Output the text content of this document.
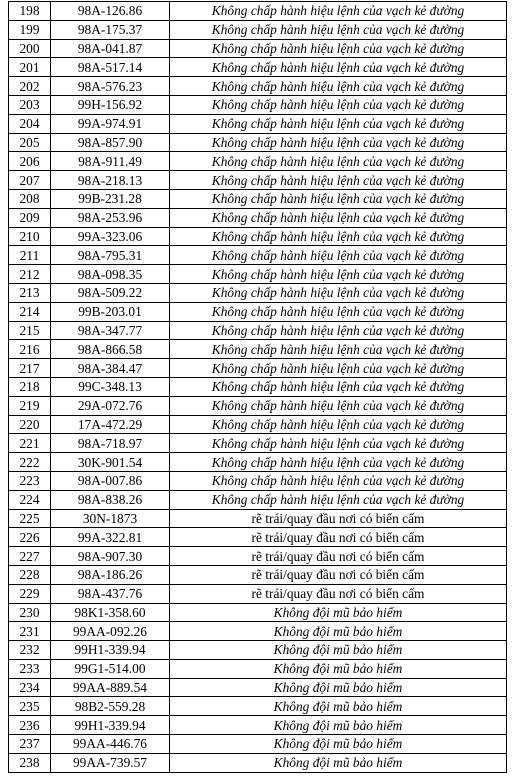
198	98A-126.86	Không chấp hành hiệu lệnh của vạch kẻ đường
199	98A-175.37	Không chấp hành hiệu lệnh của vạch kẻ đường
200	98A-041.87	Không chấp hành hiệu lệnh của vạch kẻ đường
201	98A-517.14	Không chấp hành hiệu lệnh của vạch kẻ đường
202	98A-576.23	Không chấp hành hiệu lệnh của vạch kẻ đường
203	99H-156.92	Không chấp hành hiệu lệnh của vạch kẻ đường
204	99A-974.91	Không chấp hành hiệu lệnh của vạch kẻ đường
205	98A-857.90	Không chấp hành hiệu lệnh của vạch kẻ đường
206	98A-911.49	Không chấp hành hiệu lệnh của vạch kẻ đường
207	98A-218.13	Không chấp hành hiệu lệnh của vạch kẻ đường
208	99B-231.28	Không chấp hành hiệu lệnh của vạch kẻ đường
209	98A-253.96	Không chấp hành hiệu lệnh của vạch kẻ đường
210	99A-323.06	Không chấp hành hiệu lệnh của vạch kẻ đường
211	98A-795.31	Không chấp hành hiệu lệnh của vạch kẻ đường
212	98A-098.35	Không chấp hành hiệu lệnh của vạch kẻ đường
213	98A-509.22	Không chấp hành hiệu lệnh của vạch kẻ đường
214	99B-203.01	Không chấp hành hiệu lệnh của vạch kẻ đường
215	98A-347.77	Không chấp hành hiệu lệnh của vạch kẻ đường
216	98A-866.58	Không chấp hành hiệu lệnh của vạch kẻ đường
217	98A-384.47	Không chấp hành hiệu lệnh của vạch kẻ đường
218	99C-348.13	Không chấp hành hiệu lệnh của vạch kẻ đường
219	29A-072.76	Không chấp hành hiệu lệnh của vạch kẻ đường
220	17A-472.29	Không chấp hành hiệu lệnh của vạch kẻ đường
221	98A-718.97	Không chấp hành hiệu lệnh của vạch kẻ đường
222	30K-901.54	Không chấp hành hiệu lệnh của vạch kẻ đường
223	98A-007.86	Không chấp hành hiệu lệnh của vạch kẻ đường
224	98A-838.26	Không chấp hành hiệu lệnh của vạch kẻ đường
225	30N-1873	rẽ trái/quay đầu nơi có biển cấm
226	99A-322.81	rẽ trái/quay đầu nơi có biển cấm
227	98A-907.30	rẽ trái/quay đầu nơi có biển cấm
228	98A-186.26	rẽ trái/quay đầu nơi có biển cấm
229	98A-437.76	rẽ trái/quay đầu nơi có biển cấm
230	98K1-358.60	Không đội mũ bảo hiểm
231	99AA-092.26	Không đội mũ bảo hiểm
232	99H1-339.94	Không đội mũ bảo hiểm
233	99G1-514.00	Không đội mũ bảo hiểm
234	99AA-889.54	Không đội mũ bảo hiểm
235	98B2-559.28	Không đội mũ bảo hiểm
236	99H1-339.94	Không đội mũ bảo hiểm
237	99AA-446.76	Không đội mũ bảo hiểm
238	99AA-739.57	Không đội mũ bảo hiểm
